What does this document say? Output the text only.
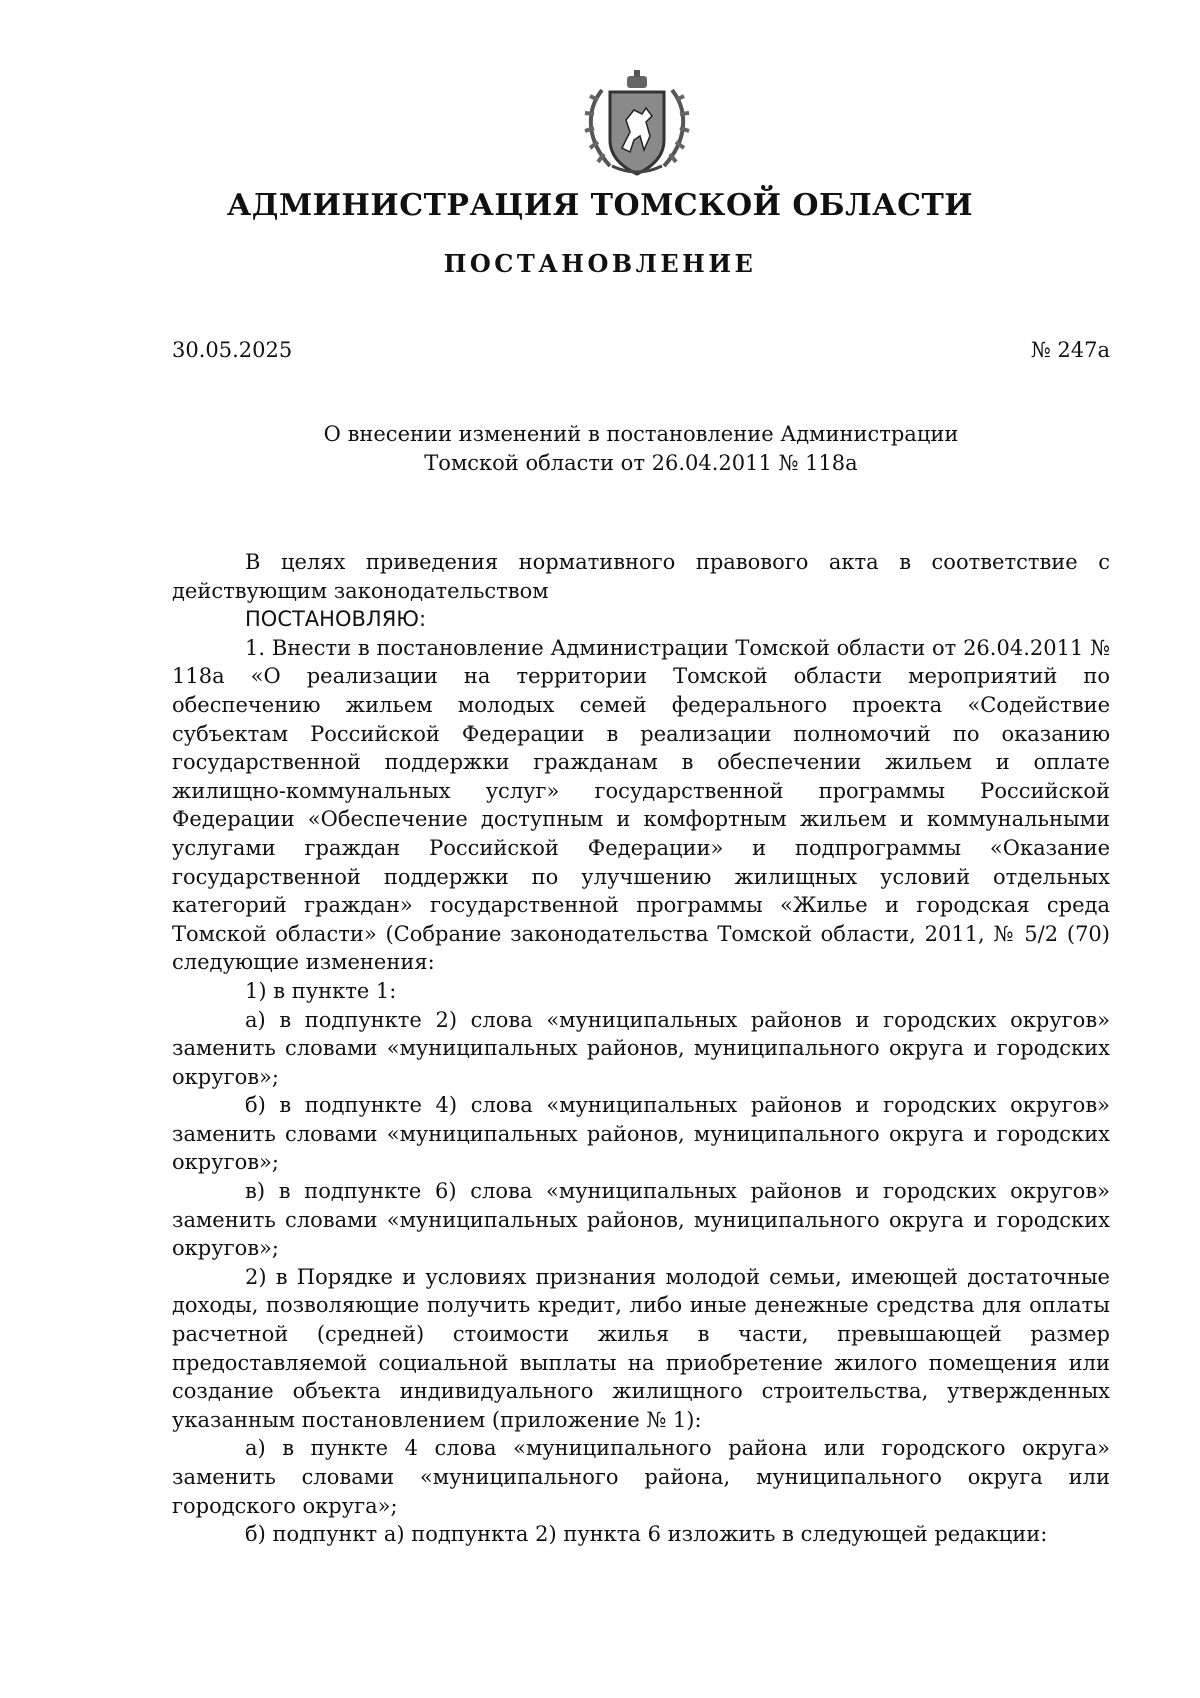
АДМИНИСТРАЦИЯ ТОМСКОЙ ОБЛАСТИ
ПОСТАНОВЛЕНИЕ
30.05.2025	№ 247а
О внесении изменений в постановление Администрации
Томской области от 26.04.2011 № 118а

В целях приведения нормативного правового акта в соответствие с действующим законодательством

ПОСТАНОВЛЯЮ:

1. Внести в постановление Администрации Томской области от 26.04.2011 № 118а «О реализации на территории Томской области мероприятий по обеспечению жильем молодых семей федерального проекта «Содействие субъектам Российской Федерации в реализации полномочий по оказанию государственной поддержки гражданам в обеспечении жильем и оплате жилищно-коммунальных услуг» государственной программы Российской Федерации «Обеспечение доступным и комфортным жильем и коммунальными услугами граждан Российской Федерации» и подпрограммы «Оказание государственной поддержки по улучшению жилищных условий отдельных категорий граждан» государственной программы «Жилье и городская среда Томской области» (Собрание законодательства Томской области, 2011, № 5/2 (70) следующие изменения:

1) в пункте 1:

а) в подпункте 2) слова «муниципальных районов и городских округов» заменить словами «муниципальных районов, муниципального округа и городских округов»;

б) в подпункте 4) слова «муниципальных районов и городских округов» заменить словами «муниципальных районов, муниципального округа и городских округов»;

в) в подпункте 6) слова «муниципальных районов и городских округов» заменить словами «муниципальных районов, муниципального округа и городских округов»;

2) в Порядке и условиях признания молодой семьи, имеющей достаточные доходы, позволяющие получить кредит, либо иные денежные средства для оплаты расчетной (средней) стоимости жилья в части, превышающей размер предоставляемой социальной выплаты на приобретение жилого помещения или создание объекта индивидуального жилищного строительства, утвержденных указанным постановлением (приложение № 1):

а) в пункте 4 слова «муниципального района или городского округа» заменить словами «муниципального района, муниципального округа или городского округа»;

б) подпункт а) подпункта 2) пункта 6 изложить в следующей редакции:
